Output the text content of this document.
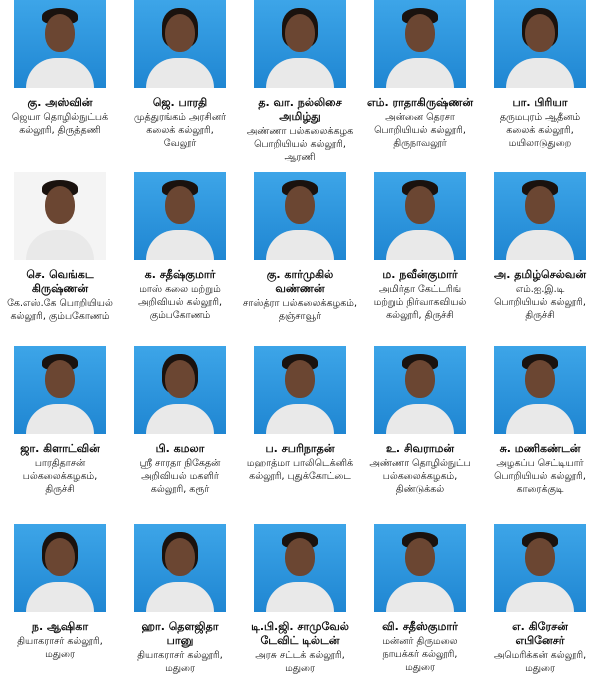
கு. அஸ்வின்
ஜெயா தொழில்நுட்பக்
கல்லூரி, திருத்தணி
ஜெ. பாரதி
முத்துரங்கம் அரசினர்
கலைக் கல்லூரி,
வேலூர்
த. வா. நல்லிசை
அமிழ்து
அண்ணா பல்கலைக்கழக
பொறியியல் கல்லூரி,
ஆரணி
எம். ராதாகிருஷ்ணன்
அன்னை தெரசா
பொறியியல் கல்லூரி,
திருநாவலூர்
பா. பிரியா
தருமபுரம் ஆதீனம்
கலைக் கல்லூரி,
மயிலாடுதுறை
செ. வெங்கட
கிருஷ்ணன்
கே.எஸ்.கே பொறியியல்
கல்லூரி, கும்பகோணம்
க. சதீஷ்குமார்
மாஸ் கலை மற்றும்
அறிவியல் கல்லூரி,
கும்பகோணம்
கு. கார்முகில்
வண்ணன்
சாஸ்த்ரா பல்கலைக்கழகம்,
தஞ்சாவூர்
ம. நவீன்குமார்
அமிர்தா கேட்டரிங்
மற்றும் நிர்வாகவியல்
கல்லூரி, திருச்சி
அ. தமிழ்செல்வன்
எம்.ஐ.இ.டி
பொறியியல் கல்லூரி,
திருச்சி
ஜா. கிளாட்வின்
பாரதிதாசன்
பல்கலைக்கழகம்,
திருச்சி
பி. கமலா
ஸ்ரீ சாரதா நிகேதன்
அறிவியல் மகளிர்
கல்லூரி, கரூர்
ப. சபரிநாதன்
மஹாத்மா பாலிடெக்னிக்
கல்லூரி, புதுக்கோட்டை
உ. சிவராமன்
அண்ணா தொழில்நுட்ப
பல்கலைக்கழகம்,
திண்டுக்கல்
சு. மணிகண்டன்
அழகப்ப செட்டியார்
பொறியியல் கல்லூரி,
காரைக்குடி
ந. ஆஷிகா
தியாகராசர் கல்லூரி,
மதுரை
ஹா. தௌஜிதா
பானு
தியாகராசர் கல்லூரி,
மதுரை
டி.பி.ஜி. சாமுவேல்
டேவிட் டில்டன்
அரசு சட்டக் கல்லூரி,
மதுரை
வி. சதீஸ்குமார்
மன்னர் திருமலை
நாயக்கர் கல்லூரி,
மதுரை
எ. கிரேசன்
எபினேசர்
அமெரிக்கன் கல்லூரி,
மதுரை
